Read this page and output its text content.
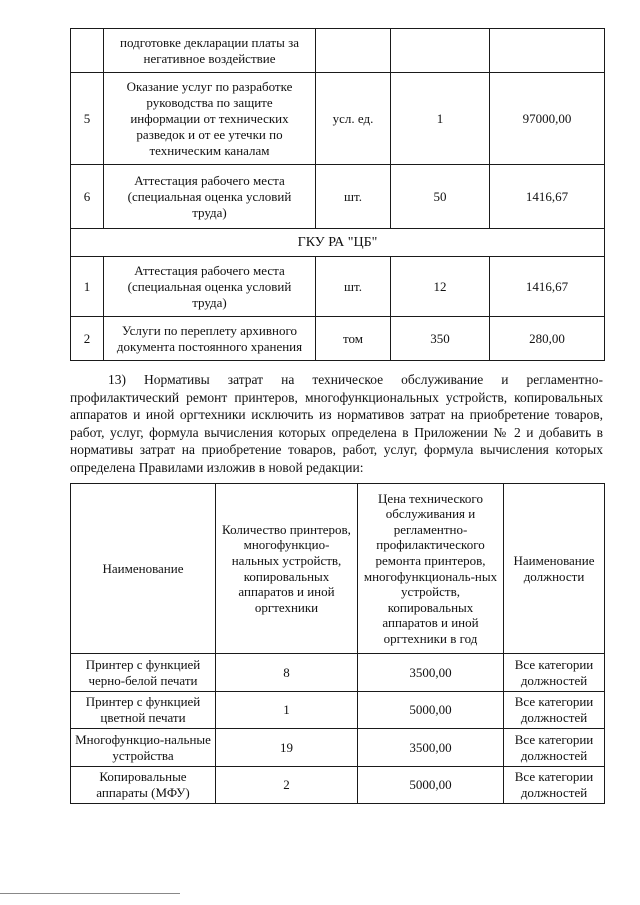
	подготовке декларации платы за негативное воздействие			
5	Оказание услуг по разработке руководства по защите информации от технических разведок и от ее утечки по техническим каналам	усл. ед.	1	97000,00
6	Аттестация рабочего места (специальная оценка условий труда)	шт.	50	1416,67
ГКУ РА "ЦБ"				
1	Аттестация рабочего места (специальная оценка условий труда)	шт.	12	1416,67
2	Услуги по переплету архивного документа постоянного хранения	том	350	280,00

13) Нормативы затрат на техническое обслуживание и регламентно-профилактический ремонт принтеров, многофункциональных устройств, копировальных аппаратов и иной оргтехники исключить из нормативов затрат на приобретение товаров, работ, услуг, формула вычисления которых определена в Приложении № 2 и добавить в нормативы затрат на приобретение товаров, работ, услуг, формула вычисления которых определена Правилами изложив в новой редакции:

Наименование	Количество принтеров, многофункцио-нальных устройств, копировальных аппаратов и иной оргтехники	Цена технического обслуживания и регламентно-профилактического ремонта принтеров, многофункциональ-ных устройств, копировальных аппаратов и иной оргтехники в год	Наименование должности
Принтер с функцией черно-белой печати	8	3500,00	Все категории должностей
Принтер с функцией цветной печати	1	5000,00	Все категории должностей
Многофункцио-нальные устройства	19	3500,00	Все категории должностей
Копировальные аппараты (МФУ)	2	5000,00	Все категории должностей
